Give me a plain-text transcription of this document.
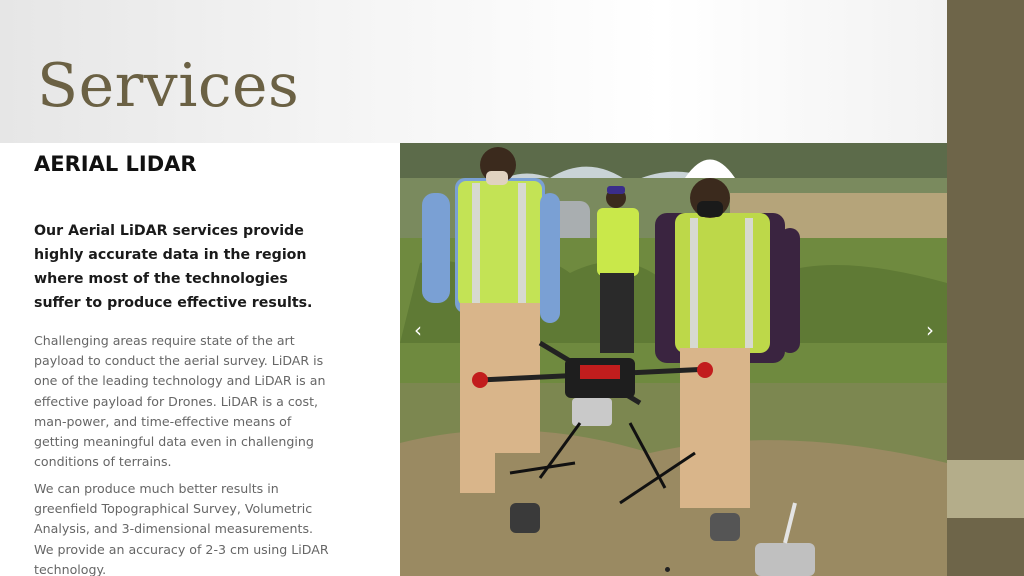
Services
AERIAL LIDAR
Our Aerial LiDAR services provide highly accurate data in the region where most of the technologies suffer to produce effective results.
Challenging areas require state of the art payload to conduct the aerial survey. LiDAR is one of the leading technology and LiDAR is an effective payload for Drones. LiDAR is a cost, man-power, and time-effective means of getting meaningful data even in challenging conditions of terrains.
We can produce much better results in greenfield Topographical Survey, Volumetric Analysis, and 3-dimensional measurements. We provide an accuracy of 2-3 cm using LiDAR technology.
‹	›
